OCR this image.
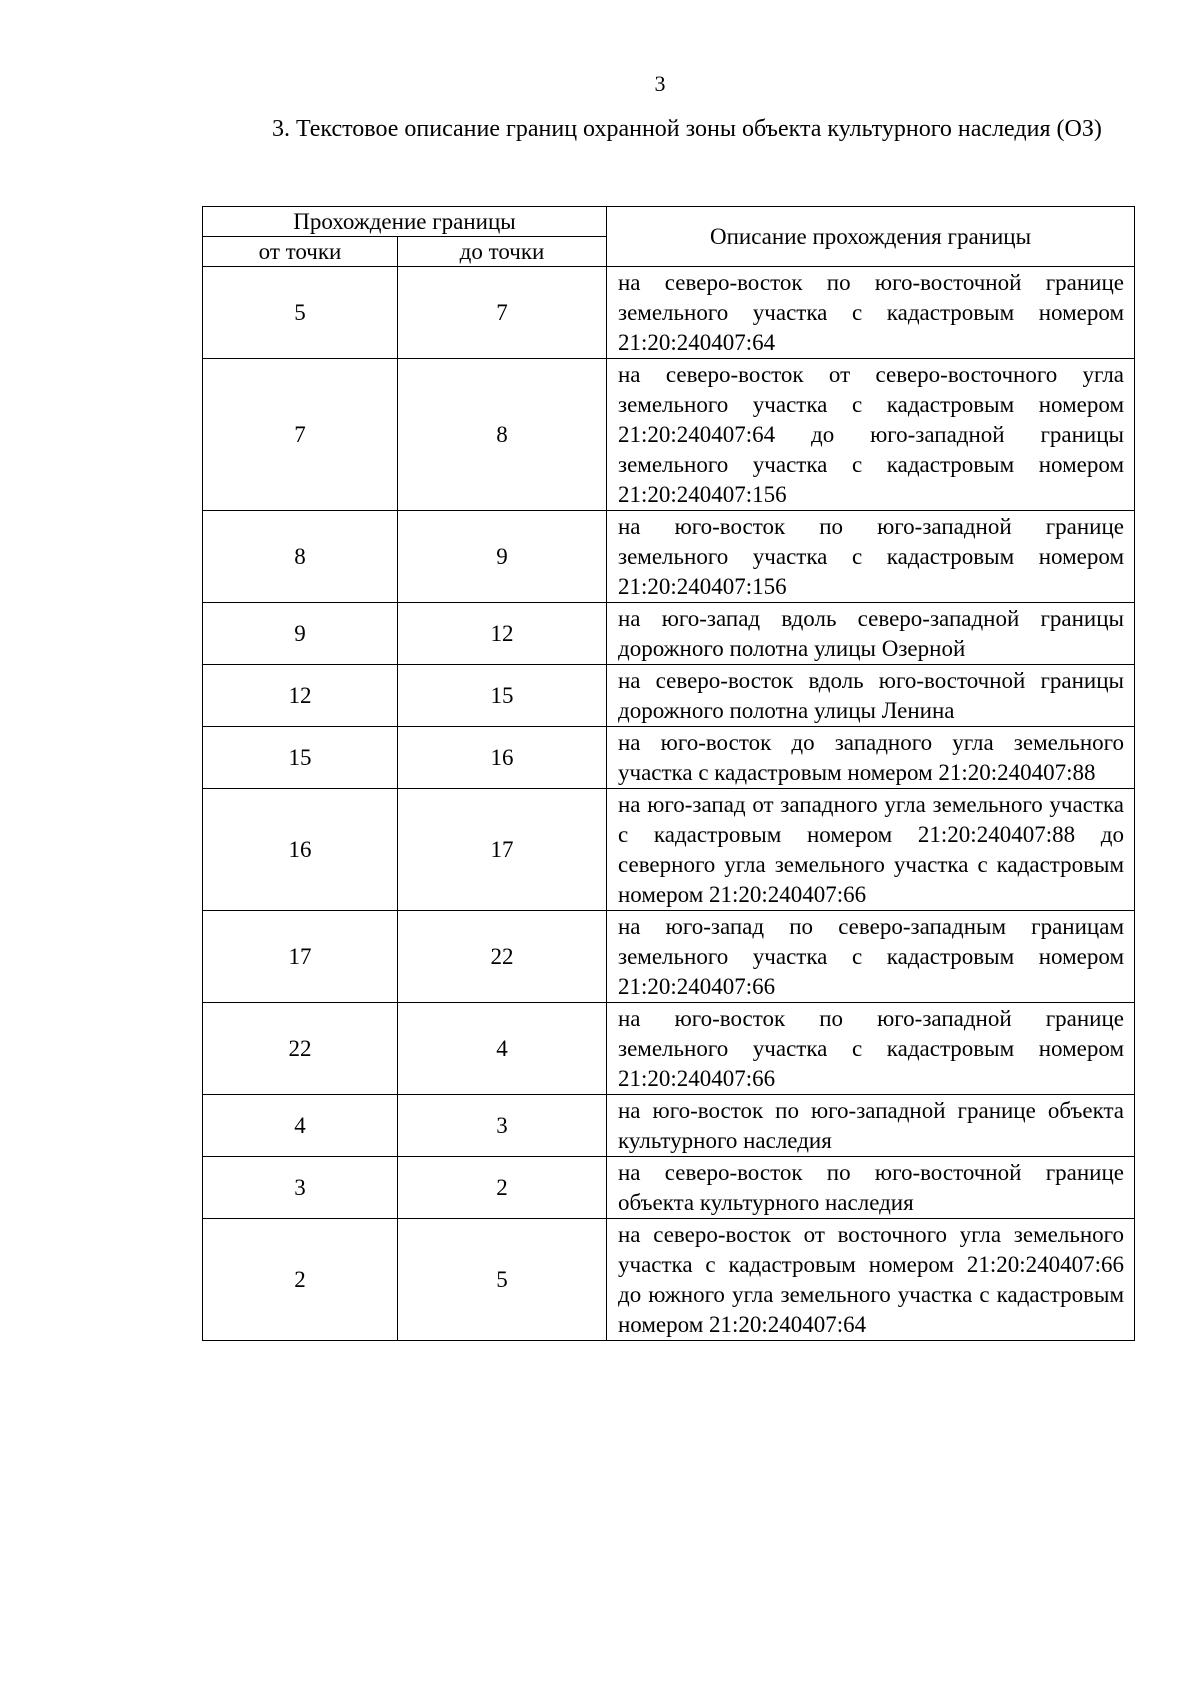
3
3. Текстовое описание границ охранной зоны объекта культурного наследия (ОЗ)
Прохождение границы		Описание прохождения границы
от точки	до точки	
5	7	на северо-восток по юго-восточной границе земельного участка с кадастровым номером 21:20:240407:64
7	8	на северо-восток от северо-восточного угла земельного участка с кадастровым номером 21:20:240407:64 до юго-западной границы земельного участка с кадастровым номером 21:20:240407:156
8	9	на юго-восток по юго-западной границе земельного участка с кадастровым номером 21:20:240407:156
9	12	на юго-запад вдоль северо-западной границы дорожного полотна улицы Озерной
12	15	на северо-восток вдоль юго-восточной границы дорожного полотна улицы Ленина
15	16	на юго-восток до западного угла земельного участка с кадастровым номером 21:20:240407:88
16	17	на юго-запад от западного угла земельного участка с кадастровым номером 21:20:240407:88 до северного угла земельного участка с кадастровым номером 21:20:240407:66
17	22	на юго-запад по северо-западным границам земельного участка с кадастровым номером 21:20:240407:66
22	4	на юго-восток по юго-западной границе земельного участка с кадастровым номером 21:20:240407:66
4	3	на юго-восток по юго-западной границе объекта культурного наследия
3	2	на северо-восток по юго-восточной границе объекта культурного наследия
2	5	на северо-восток от восточного угла земельного участка с кадастровым номером 21:20:240407:66 до южного угла земельного участка с кадастровым номером 21:20:240407:64
